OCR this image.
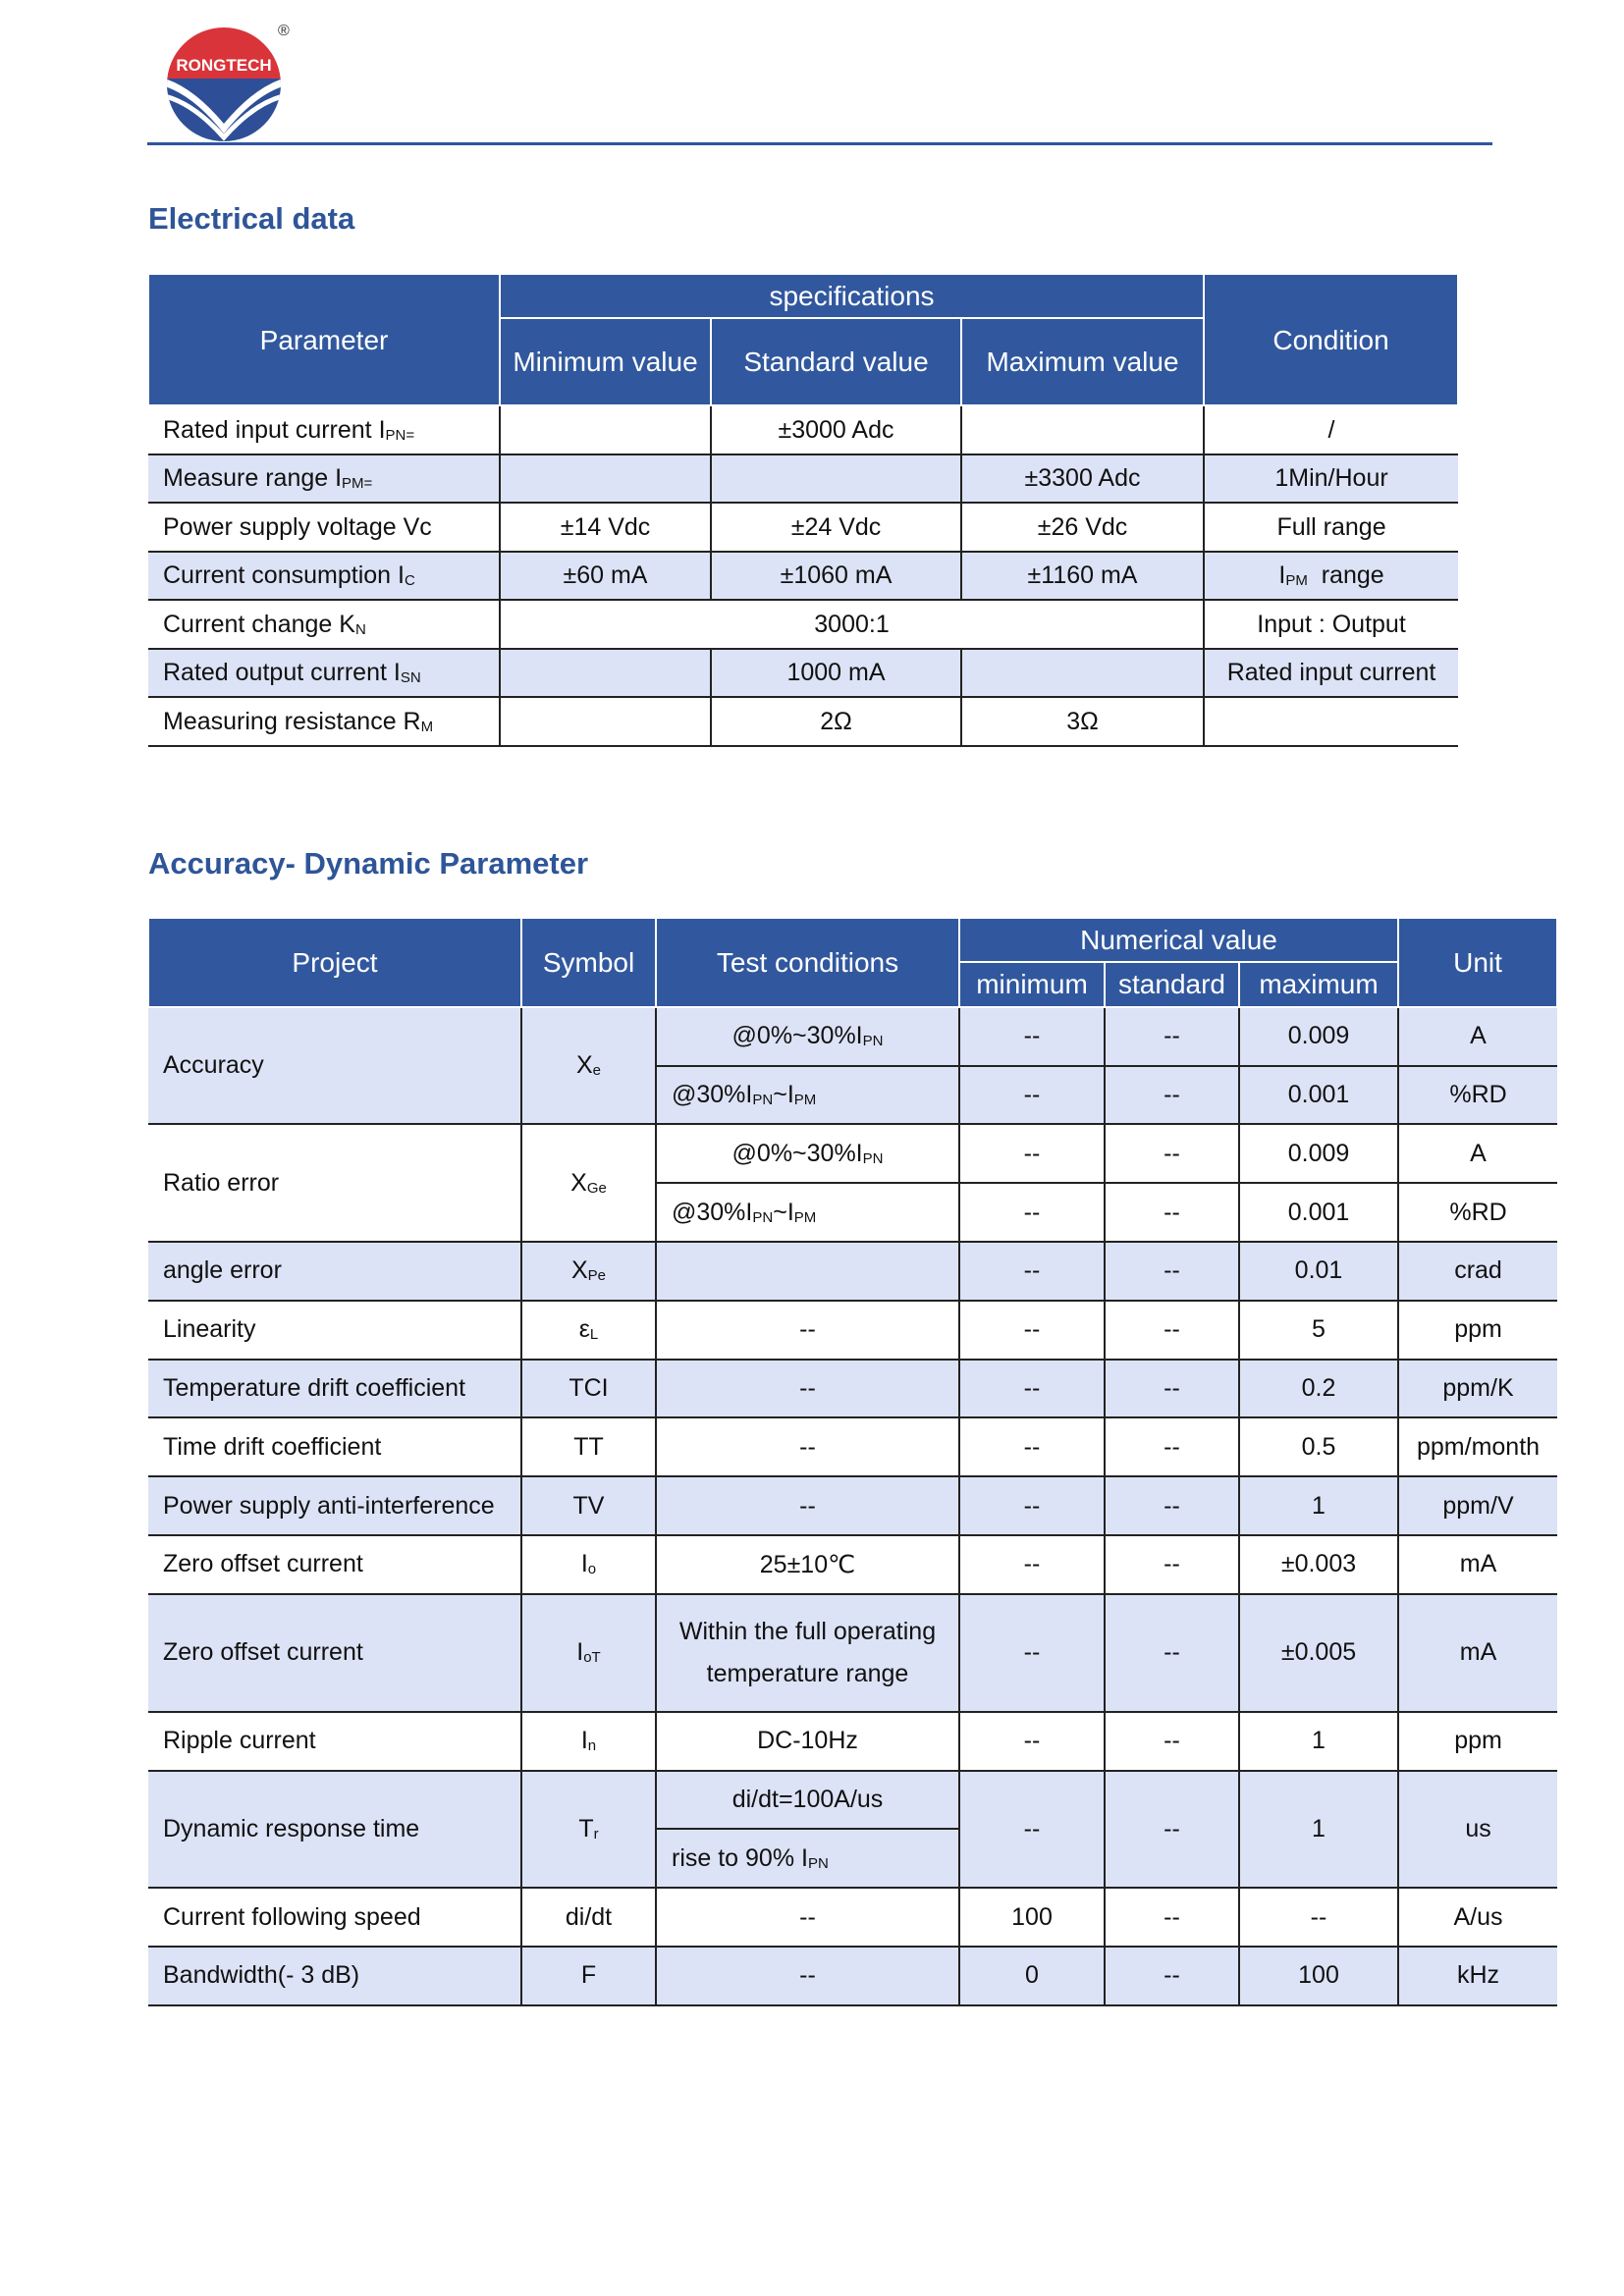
RONGTECH
®
Electrical data
Parameter	specifications			Condition
	Minimum value	Standard value	Maximum value	
Rated input current $I_{PN=}$		±3000 Adc		/
Measure range $I_{PM=}$			±3300 Adc	1Min/Hour
Power supply voltage Vc	±14 Vdc	±24 Vdc	±26 Vdc	Full range
Current consumption $I_C$	±60 mA	±1060 mA	±1160 mA	$I_{PM}$ range
Current change $K_N$	3000:1			Input : Output
Rated output current $I_{SN}$		1000 mA		Rated input current
Measuring resistance $R_M$		2Ω	3Ω	
Accuracy- Dynamic Parameter
Project	Symbol	Test conditions	Numerical value			Unit
			minimum	standard	maximum	
Accuracy	$X_e$	$@0\%\sim 30\%I_{PN}$	--	--	0.009	A
		$@30\%I_{PN}\sim I_{PM}$	--	--	0.001	%RD
Ratio error	$X_{Ge}$	$@0\%\sim 30\%I_{PN}$	--	--	0.009	A
		$@30\%I_{PN}\sim I_{PM}$	--	--	0.001	%RD
angle error	$X_{Pe}$		--	--	0.01	crad
Linearity	$\varepsilon_L$	--	--	--	5	ppm
Temperature drift coefficient	TCI	--	--	--	0.2	ppm/K
Time drift coefficient	TT	--	--	--	0.5	ppm/month
Power supply anti-interference	TV	--	--	--	1	ppm/V
Zero offset current	$I_o$	25±10℃	--	--	±0.003	mA
Zero offset current	$I_{oT}$	Within the full operating temperature range	--	--	±0.005	mA
Ripple current	$I_n$	DC-10Hz	--	--	1	ppm
Dynamic response time	$T_r$	di/dt=100A/us	--	--	1	us
		rise to 90% $I_{PN}$
Current following speed	di/dt	--	100	--	--	A/us
Bandwidth(- 3 dB)	F	--	0	--	100	kHz
